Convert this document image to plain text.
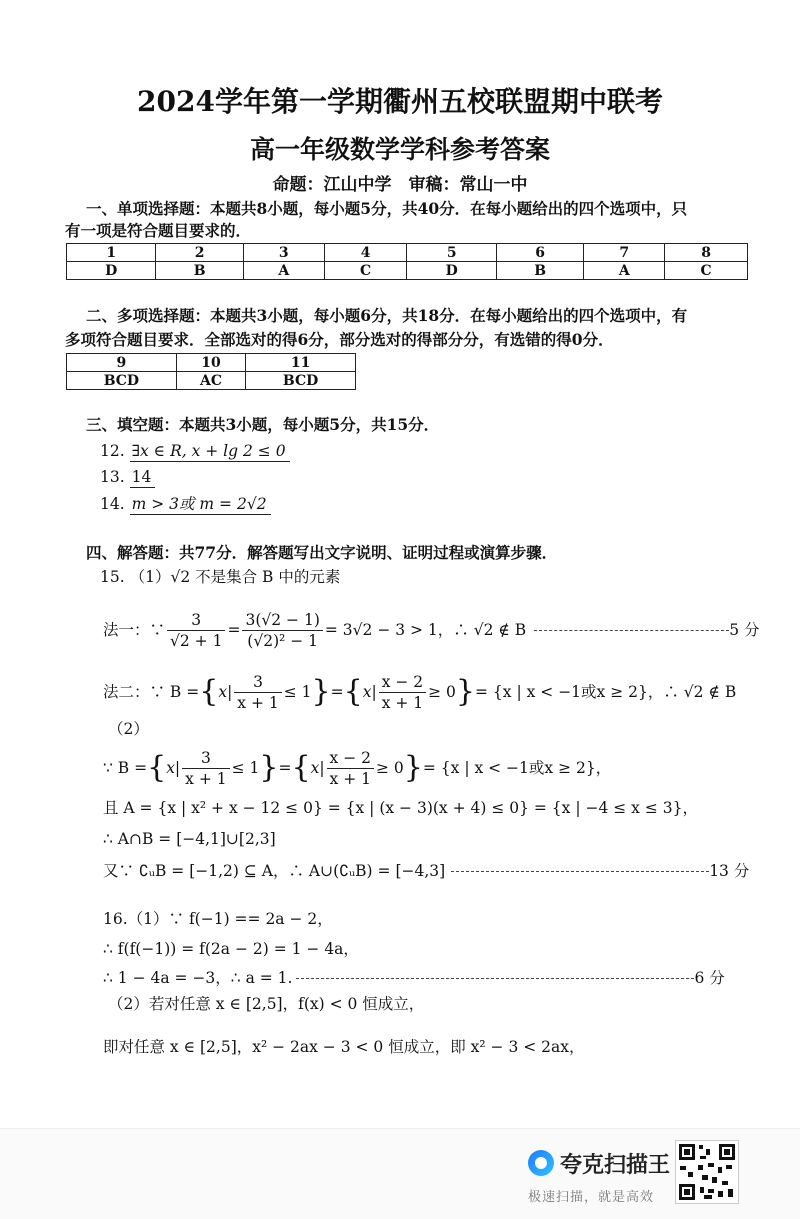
2024学年第一学期衢州五校联盟期中联考
高一年级数学学科参考答案
命题：江山中学　审稿：常山一中
一、单项选择题：本题共8小题，每小题5分，共40分．在每小题给出的四个选项中，只
有一项是符合题目要求的．
1	2	3	4	5	6	7	8
D	B	A	C	D	B	A	C
二、多项选择题：本题共3小题，每小题6分，共18分．在每小题给出的四个选项中，有
多项符合题目要求．全部选对的得6分，部分选对的得部分分，有选错的得0分．
9	10	11
BCD	AC	BCD
三、填空题：本题共3小题，每小题5分，共15分．
12. ∃x ∈ R, x + lg 2 ≤ 0
13. 14
14. m > 3或 m = 2√2
四、解答题：共77分．解答题写出文字说明、证明过程或演算步骤．
15. （1）√2 不是集合 B 中的元素
法一：∵ $\frac{3}{√2 + 1} = \frac{3(√2 - 1)}{\text{(√2)² − 1}} = 3√2 - 3 > 1$，∴ √2 ∉ B	5 分
法二：∵ B = { $x| \frac{3}{x + 1} \le 1$ } = { $x| \frac{x - 2}{x + 1} \ge 0$ } = {x | x < −1或x ≥ 2}，∴ √2 ∉ B
（2）
∵ B = { $x| \frac{3}{x + 1} \le 1$ } = { $x| \frac{x - 2}{x + 1} \ge 0$ } = {x | x < −1或x ≥ 2}，
且 A = {x | x² + x − 12 ≤ 0} = {x | (x − 3)(x + 4) ≤ 0} = {x | −4 ≤ x ≤ 3}，
∴ A∩B = [−4,1]∪[2,3]
又∵ ∁ᵤB = [−1,2) ⊆ A，∴ A∪(∁ᵤB) = [−4,3]	13 分
16.（1）∵ f(−1) == 2a − 2，
∴ f(f(−1)) = f(2a − 2) = 1 − 4a，
∴ 1 − 4a = −3，∴ a = 1.	6 分
（2）若对任意 x ∈ [2,5]，f(x) < 0 恒成立，
即对任意 x ∈ [2,5]，x² − 2ax − 3 < 0 恒成立，即 x² − 3 < 2ax，
夸克扫描王
极速扫描，就是高效
